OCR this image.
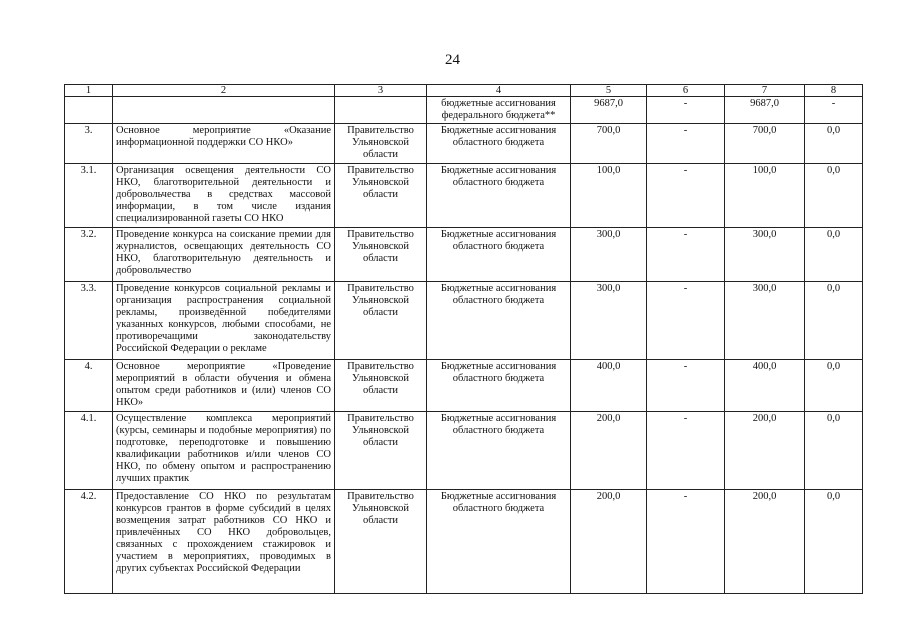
24
1	2	3	4	5	6	7	8
			бюджетные ассигнования федерального бюджета**	9687,0	-	9687,0	-
3.	Основное мероприятие «Оказание информационной поддержки СО НКО»	Правительство Ульяновской области	Бюджетные ассигнования областного бюджета	700,0	-	700,0	0,0
3.1.	Организация освещения деятельности СО НКО, благотворительной деятельности и добровольчества в средствах массовой информации, в том числе издания специализированной газеты СО НКО	Правительство Ульяновской области	Бюджетные ассигнования областного бюджета	100,0	-	100,0	0,0
3.2.	Проведение конкурса на соискание премии для журналистов, освещающих деятельность СО НКО, благотворительную деятельность и добровольчество	Правительство Ульяновской области	Бюджетные ассигнования областного бюджета	300,0	-	300,0	0,0
3.3.	Проведение конкурсов социальной рекламы и организация распространения социальной рекламы, произведённой победителями указанных конкурсов, любыми способами, не противоречащими законодательству Российской Федерации о рекламе	Правительство Ульяновской области	Бюджетные ассигнования областного бюджета	300,0	-	300,0	0,0
4.	Основное мероприятие «Проведение мероприятий в области обучения и обмена опытом среди работников и (или) членов СО НКО»	Правительство Ульяновской области	Бюджетные ассигнования областного бюджета	400,0	-	400,0	0,0
4.1.	Осуществление комплекса мероприятий (курсы, семинары и подобные мероприятия) по подготовке, переподготовке и повышению квалификации работников и/или членов СО НКО, по обмену опытом и распространению лучших практик	Правительство Ульяновской области	Бюджетные ассигнования областного бюджета	200,0	-	200,0	0,0
4.2.	Предоставление СО НКО по результатам конкурсов грантов в форме субсидий в целях возмещения затрат работников СО НКО и привлечённых СО НКО добровольцев, связанных с прохождением стажировок и участием в мероприятиях, проводимых в других субъектах Российской Федерации	Правительство Ульяновской области	Бюджетные ассигнования областного бюджета	200,0	-	200,0	0,0
